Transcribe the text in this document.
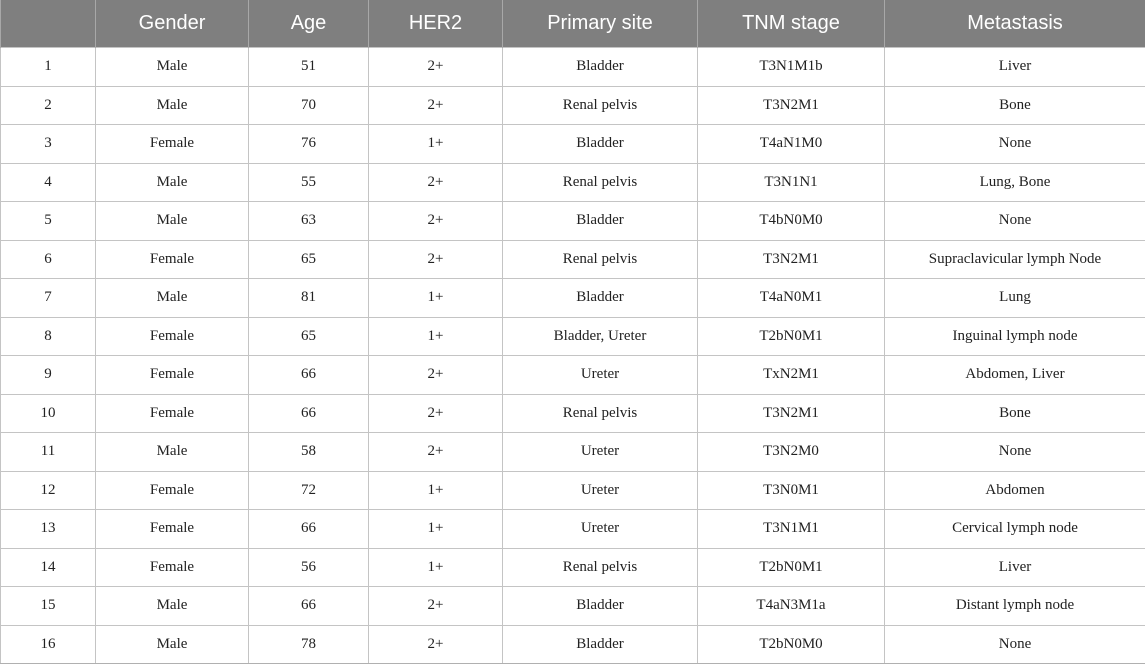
	Gender	Age	HER2	Primary site	TNM stage	Metastasis
1	Male	51	2+	Bladder	T3N1M1b	Liver
2	Male	70	2+	Renal pelvis	T3N2M1	Bone
3	Female	76	1+	Bladder	T4aN1M0	None
4	Male	55	2+	Renal pelvis	T3N1N1	Lung, Bone
5	Male	63	2+	Bladder	T4bN0M0	None
6	Female	65	2+	Renal pelvis	T3N2M1	Supraclavicular lymph Node
7	Male	81	1+	Bladder	T4aN0M1	Lung
8	Female	65	1+	Bladder, Ureter	T2bN0M1	Inguinal lymph node
9	Female	66	2+	Ureter	TxN2M1	Abdomen, Liver
10	Female	66	2+	Renal pelvis	T3N2M1	Bone
11	Male	58	2+	Ureter	T3N2M0	None
12	Female	72	1+	Ureter	T3N0M1	Abdomen
13	Female	66	1+	Ureter	T3N1M1	Cervical lymph node
14	Female	56	1+	Renal pelvis	T2bN0M1	Liver
15	Male	66	2+	Bladder	T4aN3M1a	Distant lymph node
16	Male	78	2+	Bladder	T2bN0M0	None
